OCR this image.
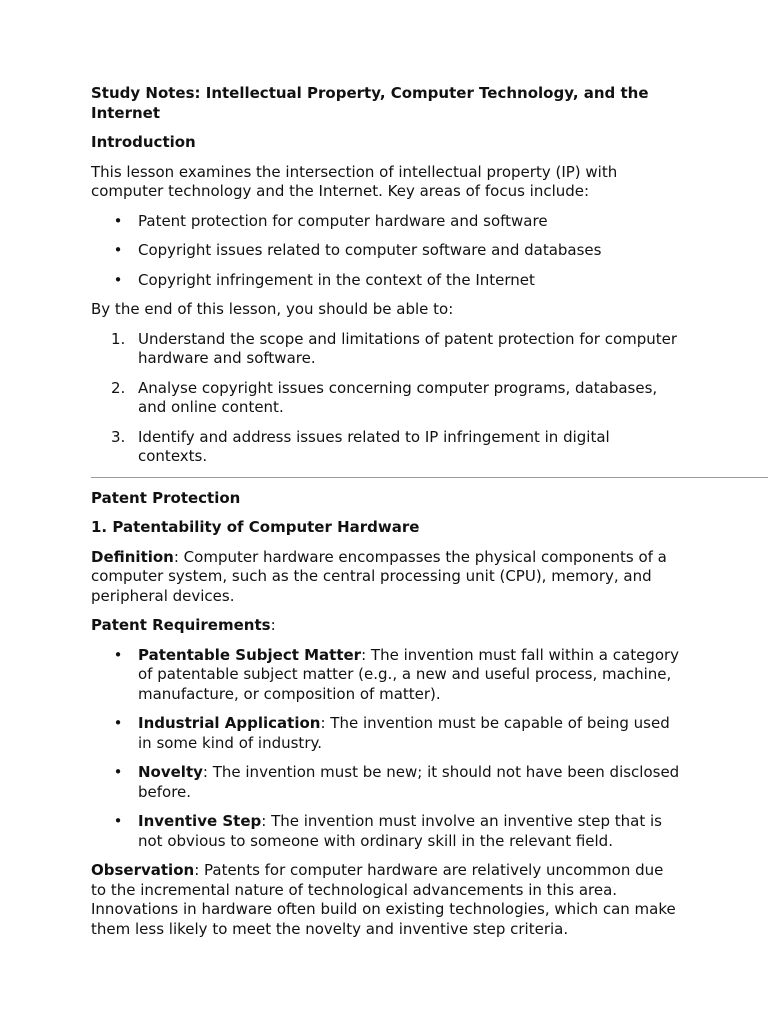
Study Notes: Intellectual Property, Computer Technology, and the Internet

Introduction

This lesson examines the intersection of intellectual property (IP) with computer technology and the Internet. Key areas of focus include:

• Patent protection for computer hardware and software
• Copyright issues related to computer software and databases
• Copyright infringement in the context of the Internet

By the end of this lesson, you should be able to:

1. Understand the scope and limitations of patent protection for computer hardware and software.
2. Analyse copyright issues concerning computer programs, databases, and online content.
3. Identify and address issues related to IP infringement in digital contexts.

Patent Protection

1. Patentability of Computer Hardware

Definition: Computer hardware encompasses the physical components of a computer system, such as the central processing unit (CPU), memory, and peripheral devices.

Patent Requirements:

• Patentable Subject Matter: The invention must fall within a category of patentable subject matter (e.g., a new and useful process, machine, manufacture, or composition of matter).
• Industrial Application: The invention must be capable of being used in some kind of industry.
• Novelty: The invention must be new; it should not have been disclosed before.
• Inventive Step: The invention must involve an inventive step that is not obvious to someone with ordinary skill in the relevant field.

Observation: Patents for computer hardware are relatively uncommon due to the incremental nature of technological advancements in this area. Innovations in hardware often build on existing technologies, which can make them less likely to meet the novelty and inventive step criteria.
